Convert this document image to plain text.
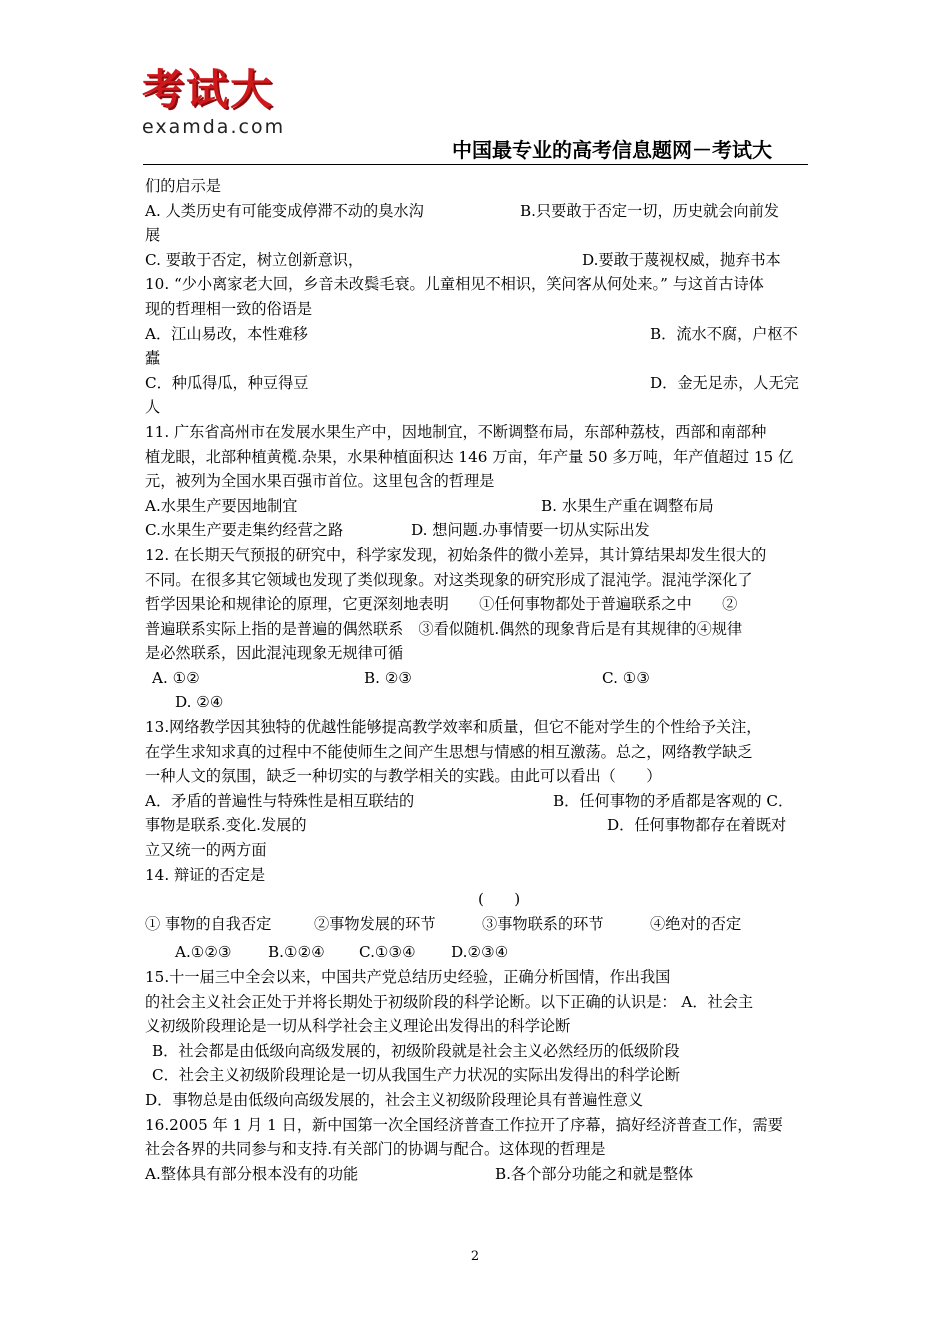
考试大
examda.com
中国最专业的高考信息题网－考试大
们的启示是
A. 人类历史有可能变成停滞不动的臭水沟	B.只要敢于否定一切，历史就会向前发
展
C. 要敢于否定，树立创新意识，	D.要敢于蔑视权威，抛弃书本
10. “少小离家老大回，乡音未改鬓毛衰。儿童相见不相识，笑问客从何处来。” 与这首古诗体
现的哲理相一致的俗语是
A．江山易改，本性难移	B．流水不腐，户枢不
蠹
C．种瓜得瓜，种豆得豆	D．金无足赤，人无完
人
11. 广东省高州市在发展水果生产中，因地制宜，不断调整布局，东部种荔枝，西部和南部种
植龙眼，北部种植黄榄.杂果，水果种植面积达 146 万亩，年产量 50 多万吨，年产值超过 15 亿
元，被列为全国水果百强市首位。这里包含的哲理是
A.水果生产要因地制宜	B. 水果生产重在调整布局
C.水果生产要走集约经营之路	D. 想问题.办事情要一切从实际出发
12. 在长期天气预报的研究中，科学家发现，初始条件的微小差异，其计算结果却发生很大的
不同。在很多其它领域也发现了类似现象。对这类现象的研究形成了混沌学。混沌学深化了
哲学因果论和规律论的原理，它更深刻地表明　　①任何事物都处于普遍联系之中　　②
普遍联系实际上指的是普遍的偶然联系　③看似随机.偶然的现象背后是有其规律的④规律
是必然联系，因此混沌现象无规律可循
A. ①②	B. ②③	C. ①③
D. ②④
13.网络教学因其独特的优越性能够提高教学效率和质量，但它不能对学生的个性给予关注，
在学生求知求真的过程中不能使师生之间产生思想与情感的相互激荡。总之，网络教学缺乏
一种人文的氛围，缺乏一种切实的与教学相关的实践。由此可以看出（　　）
A．矛盾的普遍性与特殊性是相互联结的	B．任何事物的矛盾都是客观的 C．
事物是联系.变化.发展的	D．任何事物都存在着既对
立又统一的两方面
14. 辩证的否定是
(　　)
① 事物的自我否定	②事物发展的环节	③事物联系的环节	④绝对的否定
A.①②③	B.①②④	C.①③④	D.②③④
15.十一届三中全会以来，中国共产党总结历史经验，正确分析国情，作出我国
的社会主义社会正处于并将长期处于初级阶段的科学论断。以下正确的认识是： A．社会主
义初级阶段理论是一切从科学社会主义理论出发得出的科学论断
B．社会都是由低级向高级发展的，初级阶段就是社会主义必然经历的低级阶段
C．社会主义初级阶段理论是一切从我国生产力状况的实际出发得出的科学论断
D．事物总是由低级向高级发展的，社会主义初级阶段理论具有普遍性意义
16.2005 年 1 月 1 日，新中国第一次全国经济普查工作拉开了序幕，搞好经济普查工作，需要
社会各界的共同参与和支持.有关部门的协调与配合。这体现的哲理是
A.整体具有部分根本没有的功能	B.各个部分功能之和就是整体
2
